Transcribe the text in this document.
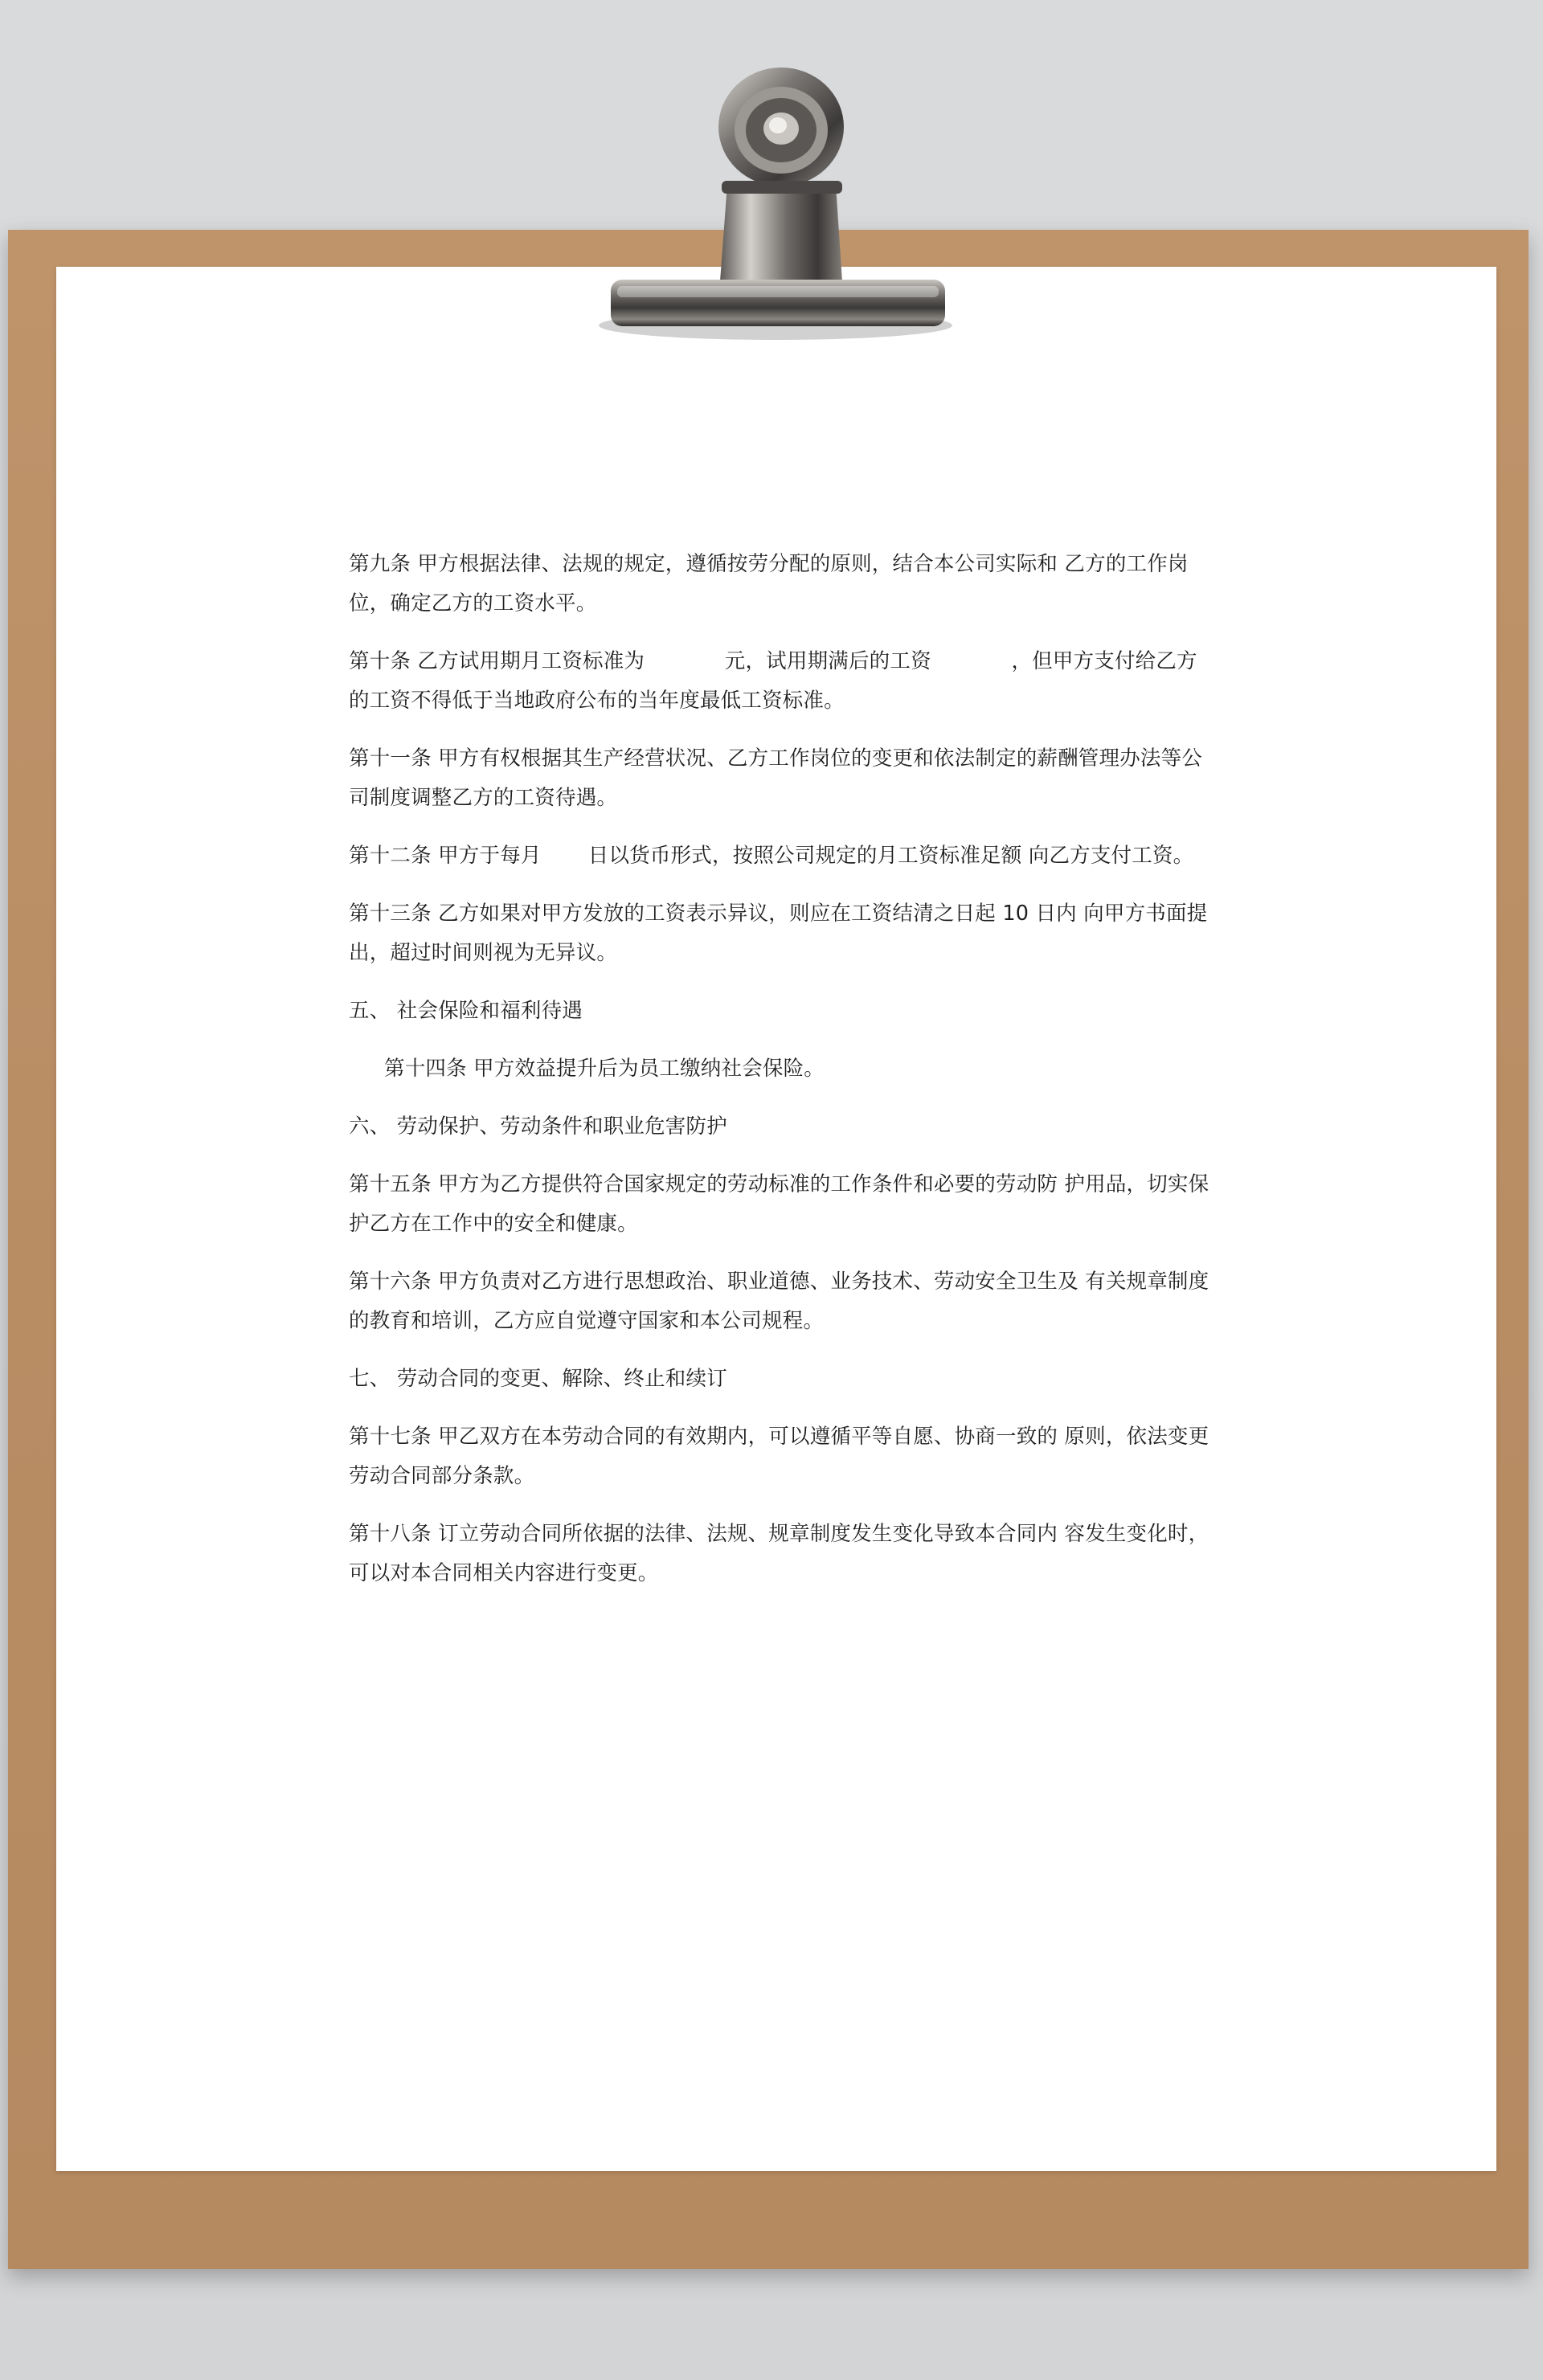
第九条 甲方根据法律、法规的规定，遵循按劳分配的原则，结合本公司实际和 乙方的工作岗位，确定乙方的工资水平。

第十条 乙方试用期月工资标准为            元，试用期满后的工资            ，但甲方支付给乙方的工资不得低于当地政府公布的当年度最低工资标准。

第十一条 甲方有权根据其生产经营状况、乙方工作岗位的变更和依法制定的薪酬管理办法等公司制度调整乙方的工资待遇。

第十二条 甲方于每月       日以货币形式，按照公司规定的月工资标准足额 向乙方支付工资。

第十三条 乙方如果对甲方发放的工资表示异议，则应在工资结清之日起 10 日内 向甲方书面提出，超过时间则视为无异议。

五、 社会保险和福利待遇

第十四条 甲方效益提升后为员工缴纳社会保险。

六、 劳动保护、劳动条件和职业危害防护

第十五条 甲方为乙方提供符合国家规定的劳动标准的工作条件和必要的劳动防 护用品，切实保护乙方在工作中的安全和健康。

第十六条 甲方负责对乙方进行思想政治、职业道德、业务技术、劳动安全卫生及 有关规章制度的教育和培训，乙方应自觉遵守国家和本公司规程。

七、 劳动合同的变更、解除、终止和续订

第十七条 甲乙双方在本劳动合同的有效期内，可以遵循平等自愿、协商一致的 原则，依法变更劳动合同部分条款。

第十八条 订立劳动合同所依据的法律、法规、规章制度发生变化导致本合同内 容发生变化时，可以对本合同相关内容进行变更。
